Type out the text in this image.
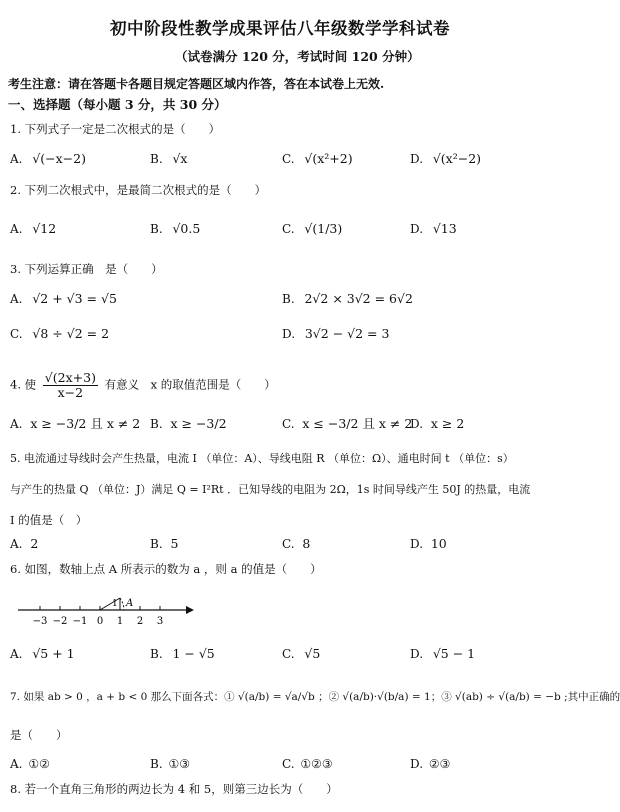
初中阶段性教学成果评估八年级数学学科试卷
（试卷满分 120 分，考试时间 120 分钟）
考生注意：请在答题卡各题目规定答题区域内作答，答在本试卷上无效.
一、选择题（每小题 3 分，共 30 分）
1. 下列式子一定是二次根式的是（　　）
A. √(−x−2)	B. √x	C. √(x²+2)	D. √(x²−2)
2. 下列二次根式中，是最简二次根式的是（　　）
A. √12	B. √0.5	C. √(1/3)	D. √13
3. 下列运算正确　是（　　）
A. √2 + √3 = √5	B. 2√2 × 3√2 = 6√2
C. √8 ÷ √2 = 2	D. 3√2 − √2 = 3
4. 使 $\frac{√(2x+3)}{x-2}$ 有意义　x 的取值范围是（　　）
A. x ≥ −3/2 且 x ≠ 2 B. x ≥ −3/2	C. x ≤ −3/2 且 x ≠ 2
D. x ≥ 2
5. 电流通过导线时会产生热量，电流 I （单位：A）、导线电阻 R （单位：Ω）、通电时间 t （单位：s）
与产生的热量 Q （单位：J）满足 Q = I²Rt ．已知导线的电阻为 2Ω，1s 时间导线产生 50J 的热量，电流
I 的值是（　）
A. 2	B. 5	C. 8	D. 10
6. 如图，数轴上点 A 所表示的数为 a ，则 a 的值是（　　）
−3 −2 −1 0 1 2 3
1 A
A. √5 + 1	B. 1 − √5	C. √5	D. √5 − 1
7. 如果 ab > 0 ，a + b < 0 那么下面各式：① √(a/b) = √a/√b ；② √(a/b)·√(b/a) = 1；③ √(ab) ÷ √(a/b) = −b ;其中正确的
是（　　）
A. ①②	B. ①③	C. ①②③	D. ②③
8. 若一个直角三角形的两边长为 4 和 5，则第三边长为（　　）
